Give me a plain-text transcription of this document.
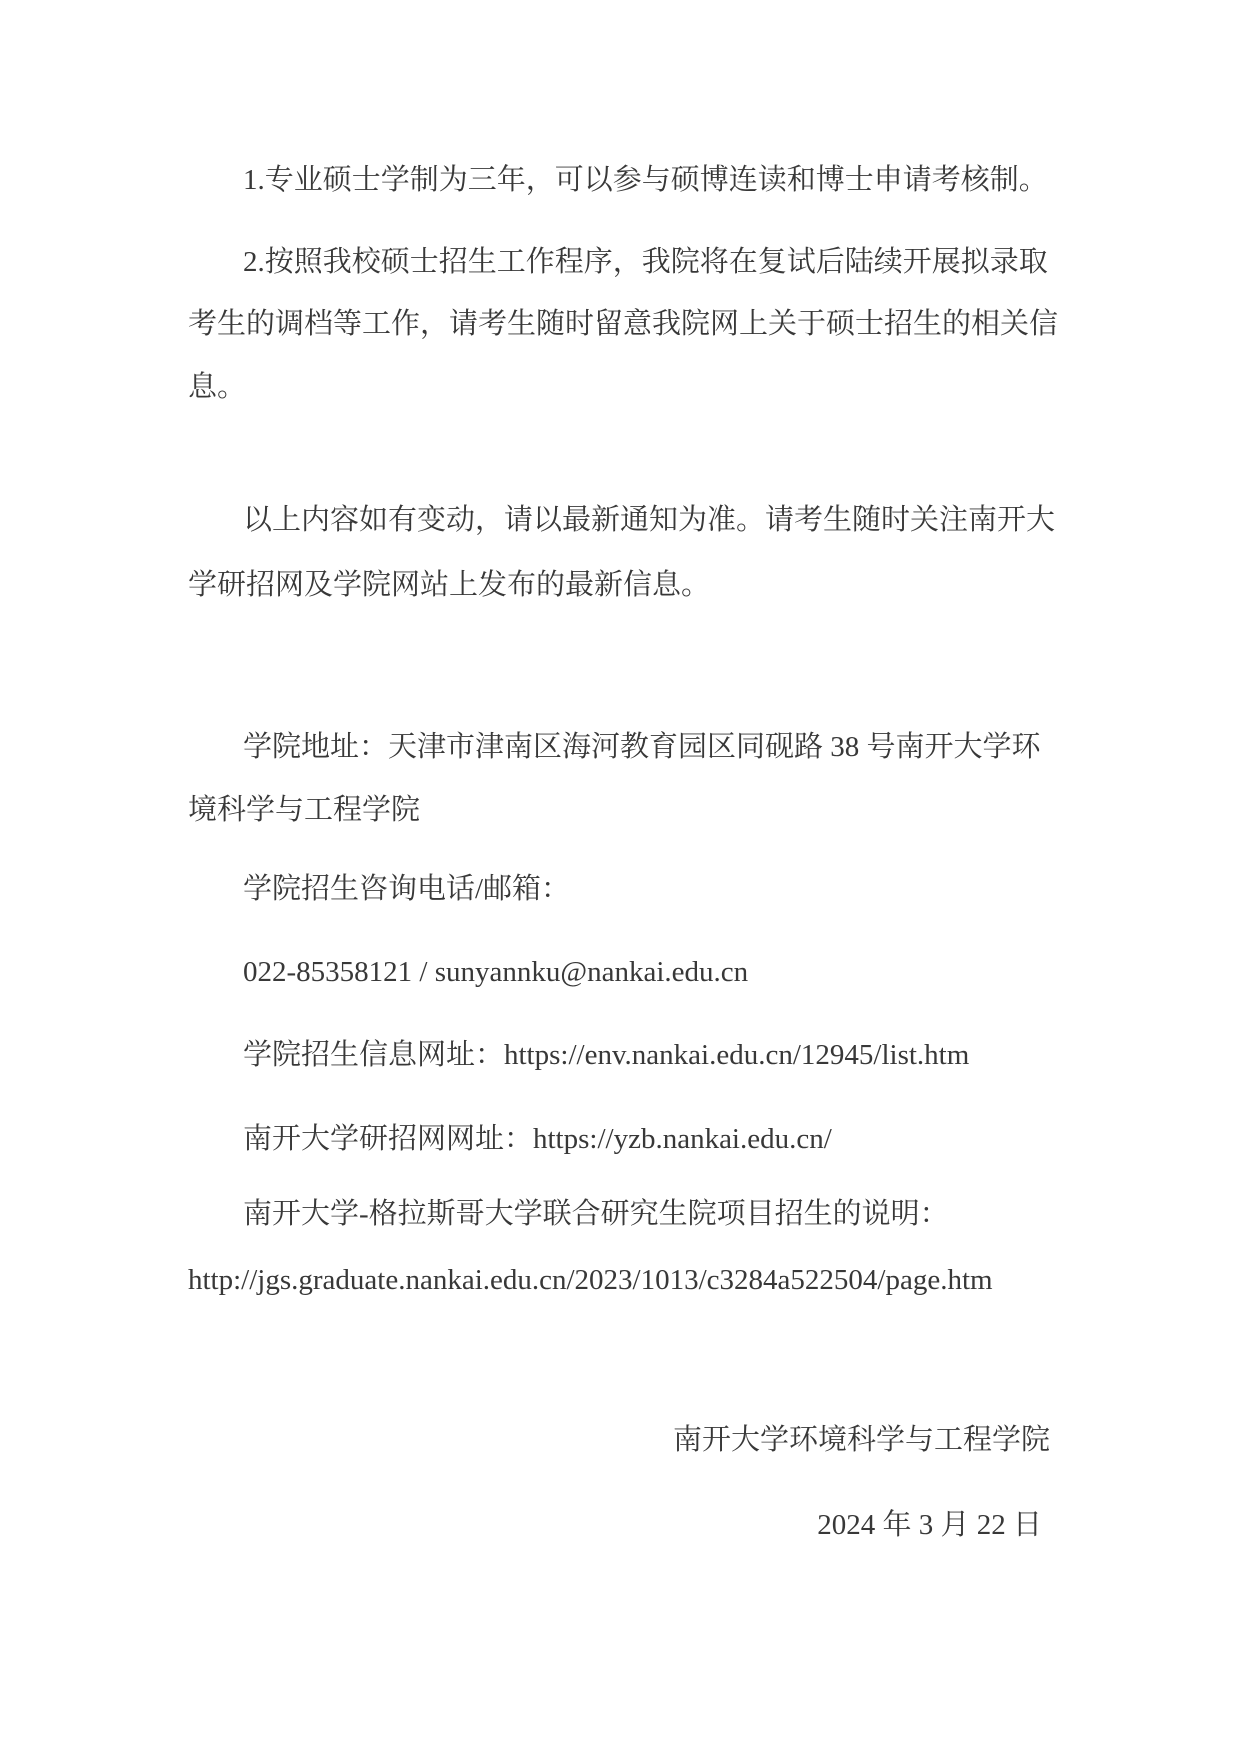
1.专业硕士学制为三年，可以参与硕博连读和博士申请考核制。
2.按照我校硕士招生工作程序，我院将在复试后陆续开展拟录取
考生的调档等工作，请考生随时留意我院网上关于硕士招生的相关信
息。
以上内容如有变动，请以最新通知为准。请考生随时关注南开大
学研招网及学院网站上发布的最新信息。
学院地址：天津市津南区海河教育园区同砚路 38 号南开大学环
境科学与工程学院
学院招生咨询电话/邮箱：
022-85358121 / sunyannku@nankai.edu.cn
学院招生信息网址：https://env.nankai.edu.cn/12945/list.htm
南开大学研招网网址：https://yzb.nankai.edu.cn/
南开大学-格拉斯哥大学联合研究生院项目招生的说明：
http://jgs.graduate.nankai.edu.cn/2023/1013/c3284a522504/page.htm
南开大学环境科学与工程学院
2024 年 3 月 22 日
